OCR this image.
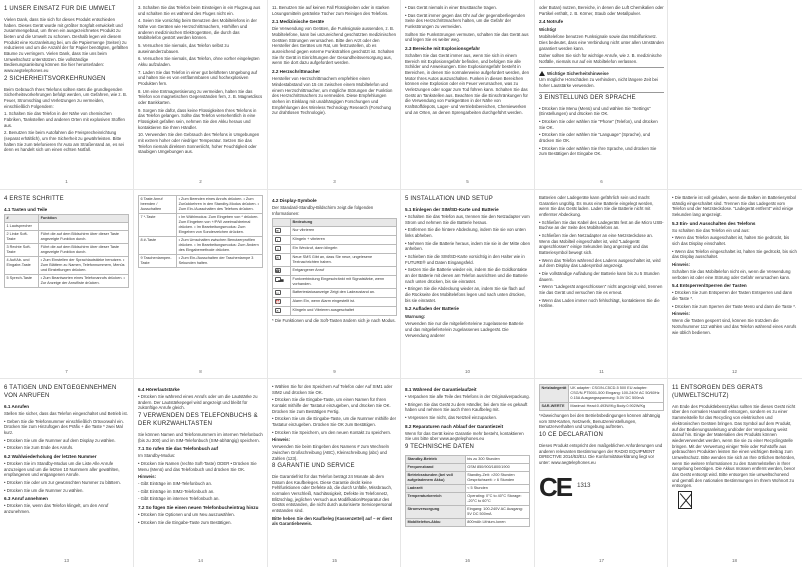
1 UNSER EINSATZ FÜR DIE UMWELT

Vielen Dank, dass Sie sich für dieses Produkt entschieden haben. Dieses Gerät wurde mit größter Sorgfalt entwickelt und zusammengebaut, um Ihnen ein ausgezeichnetes Produkt zu bieten und die Umwelt zu schonen. Deshalb legen wir diesem Produkt eine Kurzanleitung bei, um die Papiermenge (Seiten) zu reduzieren und um die Anzahl der für Papier benötigten, gefällten Bäume zu verringern. Vielen Dank, dass Sie uns beim Umweltschutz unterstützen. Die vollständige Bedienungsanleitung können Sie hier herunterladen: www.aegtelephones.eu

2 SICHERHEITSVORKEHRUNGEN

Beim Gebrauch Ihres Telefons sollten stets die grundlegenden Sicherheitsvorkehrungen befolgt werden, um Gefahren, wie z. B. Feuer, Stromschlag und Verletzungen zu vermeiden, einschließlich Folgendem:

1. Schalten Sie das Telefon in der Nähe von chemischen Fabriken, Tankstellen und anderen Orten mit explosiven Stoffen aus.

2. Benutzen Sie beim Autofahren die Freisprecheinrichtung (separat erhältlich), um Ihre Sicherheit zu gewährleisten. Bitte halten Sie zum telefonieren Ihr Auto am Straßenrand an, es sei denn es handelt sich um einen echten Notfall.

1

3. Schalten Sie das Telefon beim Einsteigen in ein Flugzeug aus und schalten Sie es während des Fluges nicht ein.

4. Seien Sie vorsichtig beim Benutzen des Mobiltelefons in der Nähe von Geräten wie Herzschrittmachern, Hörhilfen und anderen medizinischen Elektrogeräten, die durch das Mobiltelefon gestört werden können.

5. Versuchen Sie niemals, das Telefon selbst zu auseinanderzubauen.

6. Versuchen Sie niemals, das Telefon, ohne vorher eingelegten Akku aufzuladen.

7. Laden Sie das Telefon in einer gut belüfteten Umgebung auf und halten Sie es von entflammbaren und hochexplosiven Produkten fern.

8. Um eine Entmagnetisierung zu vermeiden, halten Sie das Telefon von magnetischen Gegenständen fern, z. B. Magnetdiscs oder Bankkarten.

9. Sorgen Sie dafür, dass keine Flüssigkeiten Ihres Telefons in das Telefon gelangen. Sollte das Telefon versehentlich in eine Flüssigkeit gefallen sein, nehmen Sie den Akku heraus und kontaktieren Sie Ihren Händler.

10. Verwenden Sie den Gebrauch des Telefons in Umgebungen mit extrem hoher oder niedriger Temperatur. Setzen Sie das Telefon niemals direktem Sonnenlicht, hoher Feuchtigkeit oder staubigen Umgebungen aus.

2

11. Benutzen Sie auf keinen Fall Flüssigkeiten oder in starken Lösungsmitteln getränkte Tücher zum Reinigen des Telefons.

2.1 Medizinische Geräte

Die Verwendung von Geräten, die Funksignale aussenden, z. B. Mobiltelefone, kann bei unzureichend geschützten medizinischen Geräten Störungen verursachen. Bitte den Arzt oder den Hersteller des Gerätes um Rat, um festzustellen, ob es ausreichend gegen externe Funkstrahlen geschützt ist. Schalten Sie Ihr Gerät in Einrichtungen der Gesundheitsversorgung aus, wenn Sie dort dazu aufgefordert werden.

2.2 Herzschrittmacher

Hersteller von Herzschrittmachern empfehlen einen Mindestabstand von 15 cm zwischen einem Mobiltelefon und einem Herzschrittmacher, um mögliche Störungen der Funktion des Herzschrittmachers zu vermeiden. Diese Empfehlungen stehen im Einklang mit unabhängigen Forschungen und Empfehlungen des Wireless Technology Research (Forschung zur drahtlosen Technologie).

3

• Das Gerät niemals in einer Brusttasche tragen.

• Das Gerät immer gegen das Ohr auf der gegenüberliegenden Seite des Herzschrittmachers halten, um die Gefahr der Funkstörungen zu vermeiden.

Sollten Sie Funkstörungen vermuten, schalten Sie das Gerät aus und legen Sie es weiter weg.

2.3 Bereiche mit Explosionsgefahr

Schalten Sie das Gerät immer aus, wenn Sie sich in einem Bereich mit Explosionsgefahr befinden, und befolgen Sie alle Schilder und Anweisungen. Eine Explosionsgefahr besteht in Bereichen, in denen Sie normalerweise aufgefordert werden, den Motor Ihres Autos auszuschalten. Funken in diesen Bereichen können eine Explosion oder ein Feuer verursachen, was zu Verletzungen oder sogar zum Tod führen kann. Schalten Sie das Gerät an Tankstellen aus. Beachten Sie die Einschränkungen für die Verwendung von Funkgeräten in der Nähe von Kraftstoffdepots, Lager- und Vertriebsbereichen, Chemiewerken und an Orten, an denen Sprengarbeiten durchgeführt werden.

5

oder Butan) nutzen, Bereiche, in denen die Luft Chemikalien oder Partikel enthält, z. B. Körner, Staub oder Metallpulver.

2.4 Notrufe
Wichtig!

Mobiltelefone benutzen Funksignale sowie das Mobilfunknetz. Dies bedeutet, dass eine Verbindung nicht unter allen Umständen garantiert werden kann.

Daher sollten Sie sich für wichtige Anrufe, wie z. B. medizinische Notfälle, niemals nur auf ein Mobiltelefon verlassen.

Wichtige Sicherheitshinweise

Um mögliche Hörschäden zu verhindern, nicht längere Zeit bei hoher Lautstärke verwenden.

3 EINSTELLUNG DER SPRACHE

• Drücken Sie Menu (Menü) und und wählen Sie "Settings" (Einstellungen) und drücken Sie OK.

• Drücken Sie oder wählen Sie "Phone" (Telefon), und drücken Sie OK.

• Drücken Sie oder wählen Sie "Language" (Sprache), und drücken Sie OK.

• Drücken Sie oder wählen Sie Ihre Sprache, und drücken Sie zum Bestätigen der Eingabe OK.

6
4 ERSTE SCHRITTE
4.1 Tasten und Teile
#	Funktion
1 Lautsprecher	
2 Linke Soft-Taste	Führt die auf dem Bildschirm über dieser Taste angezeigte Funktion durch.
3 Rechte Soft-Taste	Führt die auf dem Bildschirm über dieser Taste angezeigte Funktion durch.
4 Auf/Ab- und Eingabe-Taste	• Zum Einstellen der Sprachlautstärke benutzen. • Zum Blättern zu Namen, Telefonnummern, Menüs und Einstellungen drücken.
5 Sprech-Taste	• Zum Beantworten eines Telefonanrufs drücken. • Zur Anzeige der Anrufliste drücken.
7
6 Taste Anruf beenden / Ausschalten	• Zum Beenden eines Anrufs drücken. • Zum Zurückkehren in den Standby-Modus drücken. • Zum Ein-/Ausschalten des Telefons drücken.
7 *-Taste	• Im Wählmodus: Zum Eingeben von * drücken. Zum Eingeben von +/P/W zweimal/dreimal drücken. • Im Bearbeitungsmodus: Zum Eingeben von Sonderzeichen drücken.
8 #-Taste	• Zum Umschalten zwischen Benutzerprofilen drücken. • Im Bearbeitungsmodus: Zum Ändern des Eingabemethode drücken.
9 Taschenlampen-Taste	• Zum Ein-/Ausschalten der Taschenlampe 3 Sekunden halten.
8
4.2 Display-Symbole

Der Standard-Standby-Bildschirm zeigt die folgenden Informationen:

	Bedeutung
≋	Nur vibrieren
♪	Klingeln + vibrieren
♫	Ein Weckruf, dann klingeln
✉	Neue SMS Gibt an, dass Sie neue, ungelesene Textnachrichten haben.
☎	Entgangener Anruf
▁▃▅	Funkverbindung Eingeschränkt mit Signalstärke, wenn vorhanden.
▭	Batteriestatusanzeige Zeigt den Ladezustand an.
⏰	Alarm Ein, wenn Alarm eingestellt ist.
✕	Klingeln und Vibrieren ausgeschaltet

* Die Funktionen und die Soft-Tasten ändern sich je nach Modus.

9
5 INSTALLATION UND SETUP
5.1 Einlegen der SIM/SD-Karte und Batterie

• Schalten Sie das Telefon aus, trennen Sie den Netzadapter vom Strom und nehmen Sie die Batterie heraus.

• Entfernen Sie die hintere Abdeckung, indem Sie sie von unten links abheben.

• Nehmen Sie die Batterie heraus, indem Sie sie in der Mitte oben anheben.

• Schieben Sie die SIM/SD-Karte vorsichtig in den Halter wie in FUTURE® und Daten Eingangsfeld.

• Setzen Sie die Batterie wieder ein, indem Sie die Goldkontakte an der Batterie mit denen am Telefon ausrichten und die Batterie nach unten drücken, bis sie einrastet.

• Bringen Sie die Abdeckung wieder an, indem Sie sie flach auf die Rückseite des Mobiltelefons legen und nach unten drücken, bis sie einrastet.

5.2 Aufladen der Batterie
Warnung:

Verwenden Sie nur die mitgelieferte/eine zugelassene Batterie und das mitgelieferte/ein zugelassenes Ladegerät. Die Verwendung anderer

10

Batterien oder Ladegeräte kann gefährlich sein und macht Garantien ungültig. Es muss eine Batterie eingelegt werden, wenn Sie das Gerät laden. Laden Sie die Batterie nicht mit entfernter Abdeckung.

• Schließen Sie das Kabel des Ladegeräts fest an die Micro USB-Buchse an der Seite des Mobiltelefons an.

• Schließen Sie den Netzadapter an eine Netzsteckdose an. Wenn das Mobilteil eingeschaltet ist, wird "Ladegerät angeschlossen" einige Sekunden lang angezeigt und das Batteriesymbol bewegt sich.

• Wenn das Telefon während des Ladens ausgeschaltet ist, wird auf dem Display das Ladesymbol angezeigt.

• Die vollständige Aufladung der Batterie kann bis zu 5 Stunden dauern.

• Wenn "Ladegerät angeschlossen" nicht angezeigt wird, trennen Sie das Gerät und versuchen Sie es erneut.

• Wenn das Laden immer noch fehlschlägt, kontaktieren Sie die Hotline.

11

• Die Batterie ist voll geladen, wenn die Balken im Batteriesymbol ständig eingeschaltet sind. Trennen Sie das Ladegerät vom Telefon und der Netzsteckdose. "Ladegerät entfernt" wird einige Sekunden lang angezeigt.

5.3 Ein- und Ausschalten des Telefons

So schalten Sie das Telefon ein und aus:

• Wenn das Telefon ausgeschaltet ist, halten Sie gedrückt, bis sich das Display einschaltet.

• Wenn das Telefon eingeschaltet ist, halten Sie gedrückt, bis sich das Display ausschaltet.

Hinweis:

Schalten Sie das Mobiltelefon nicht ein, wenn die Verwendung verboten ist oder eine Störung oder Gefahr verursachen kann.

5.4 Entsperren/Sperren der Tasten

• Drücken Sie zum Entsperren der Tasten Entsperren und dann die Taste *.

• Drücken Sie zum Sperren der Taste Menü und dann die Taste *.

Hinweis:

Wenn die Tasten gesperrt sind, können Sie trotzdem die Notrufnummer 112 wählen und das Telefon während eines Anrufs wie üblich bedienen.

12
6 TÄTIGEN UND ENTGEGENNEHMEN VON ANRUFEN
6.1 Anrufen

Stellen Sie sicher, dass das Telefon eingeschaltet und Betrieb ist.

• Geben Sie die Telefonnummer einschließlich Ortsvorwahl ein. Drücken Sie zum Hinzufügen des Präfix + die Taste * zwei Mal kurz.

• Drücken Sie um die Nummer auf dem Display zu wählen.

• Drücken Sie zum Ende des Anrufs.

6.2 Wahlwiederholung der letzten Nummer

• Drücken Sie im Standby-Modus um die Liste Alle Anrufe anzuzeigen und um die letzten 10 Nummern aller gewählten, empfangenen und entgangenen Anrufe.

• Drücken Sie oder um zur gewünschten Nummer zu blättern.

• Drücken Sie um die Nummer zu wählen.

6.3 Anruf annehmen

• Drücken Sie, wenn das Telefon klingelt, um den Anruf anzunehmen.

13
6.4 Hörerlautstärke

• Drücken Sie während eines Anrufs oder um die Lautstärke zu ändern. Der Lautstärkepegel wird angezeigt und bleibt für zukünftige Anrufe gleich.

7 VERWENDEN DES TELEFONBUCHS & DER KURZWAHLTASTEN

Sie können Namen und Telefonnummern im internen Telefonbuch (bis zu 300) und im SIM-Telefonbuch (SIM-abhängig) speichern.

7.1 So rufen Sie das Telefonbuch auf

Im Standby-Modus:

• Drücken Sie Namen (rechte Soft-Taste) ODER • Drücken Sie Menu (Menü) und das Telefonbuch und drücken Sie OK.

Hinweis:

- Gibt Einträge im SIM-Telefonbuch an.

- Gibt Einträge im SIM2-Telefonbuch an.

- Gibt Einträge im internen Telefonbuch an.

7.2 So fügen Sie einen neuen Telefonbucheintrag hinzu

• Drücken Sie Optionen und um Neu auszuwählen.

• Drücken Sie die Eingabe-Taste zum Bestätigen.

14

• Wählen Sie für den Speichern Auf Telefon oder Auf SIM1 oder SIM2 und drücken Sie OK.

• Drücken Sie die Eingabe-Taste, um einen Namen für Ihren Kontakt mithilfe der Tastatur einzugeben, und drücken Sie OK. Drücken Sie zum Bestätigen Fertig.

• Drücken Sie um die Eingabe-Taste, um die Nummer mithilfe der Tastatur einzugeben. Drücken Sie OK zum Bestätigen.

• Drücken Sie Speichern, um den neuen Kontakt zu speichern.

Hinweis:

Verwenden Sie beim Eingeben des Namens # zum Wechseln zwischen Großschreibung (ABC), Kleinschreibung (abc) und Zahlen (123).

8 GARANTIE UND SERVICE

Die Garantiefrist für das Telefon beträgt 24 Monate ab dem Datum des Kaufbeleges. Diese Garantie deckt keine Fehlfunktionen oder Defekte ab, die durch Unfälle, Missbrauch, normalen Verschleiß, Nachlässigkeit, Defekte im Telefonnetz, Blitzschlag, jeglichen Versuch aus Modifikation/Reparatur des Geräts entstanden, die nicht durch autorisierte Servicepersonal entstanden sind.

Bitte heben Sie den Kaufbeleg (Kassenzettel) auf – er dient als Garantiebeweis.

15
8.1 Während der Garantielaufzeit

• Verpacken Sie alle Teile des Telefons in der Originalverpackung.

• Bringen Sie das Gerät zu dem Händler, bei dem Sie es gekauft haben und nehmen Sie auch Ihren Kaufbeleg mit.

• Vergessen Sie nicht, das Netzteil einzupacken.

8.2 Reparaturen nach Ablauf der Garantiezeit

Wenn für das Gerät keine Garantie mehr besteht, kontaktieren Sie uns bitte über www.aegtelephones.eu

9 TECHNISCHE DATEN
Standby-Betrieb	bis zu 300 Stunden
Frequenzband	GSM 850/900/1800/1900
Betriebsstunden (bei voll aufgeladenem Akku)	Standby-Zeit: >200 Stunden Gesprächszeit: > 6 Stunden
Ladezeit	< 5 Stunden
Temperaturbereich	Operating: 0°C to 40°C Storage: -20°C to 60°C
Stromversorgung	Eingang: 100-240V AC Ausgang: 5V DC 500mA
Mobiltelefon-Akku	800mAh Lithium-Ionen
16
Netzladegerät	UK adapter: CSG/N-C5CD-5 500 EU adapter: CSG/N-PT5001-500 Eingang: 100-240V AC 50/60Hz 0.15A Ausgangsspannung: 5.0V DC 500mA
SAR-WERTE	Maximal: Head:0.493W/Kg Body:0.902W/Kg

*Abweichungen bei den Betriebsbedingungen können abhängig vom SIM-Karten, Netzwerk, Benutzereinstellungen, Benutzerverhalten und Umgebung auftreten.

10 CE DECLARATION

Dieses Produkt entspricht den maßgeblichen Anforderungen und anderen relevanten Bestimmungen der RADIO EQUIPMENT DIRECTIVE 2014/53/EU. Die Konformitätserklärung liegt vor unter: www.aegtelephones.eu

CE 1313
17
11 ENTSORGEN DES GERÄTS (UMWELTSCHUTZ)

Am Ende des Produktlebenszyklus sollten Sie dieses Gerät nicht über den normalen Hausmüll entsorgen, sondern es zu einer Sammelstelle für das Recycling von elektrischen und elektronischen Geräten bringen. Das Symbol auf dem Produkt, auf der Bedienungsanleitung und/oder der Verpackung weist darauf hin. Einige der Materialien des Produkts können wiederverwendet werden, wenn Sie sie zu einer Recyclingstelle bringen. Mit der Verwertung einiger Teile oder Rohstoffe aus gebrauchten Produkten leisten Sie einen wichtigen Beitrag zum Umweltschutz. Bitte wenden Sie sich an Ihre örtlichen Behörden, wenn Sie weitere Informationen zu den Sammelstellen in Ihrer Umgebung benötigen. Die Akkus müssen entfernt werden, bevor das Gerät entsorgt wird. Bitte entsorgen Sie umweltschonend und gemäß den nationalen Bestimmungen im Ihrem Wohnort zu entsorgen.

18
